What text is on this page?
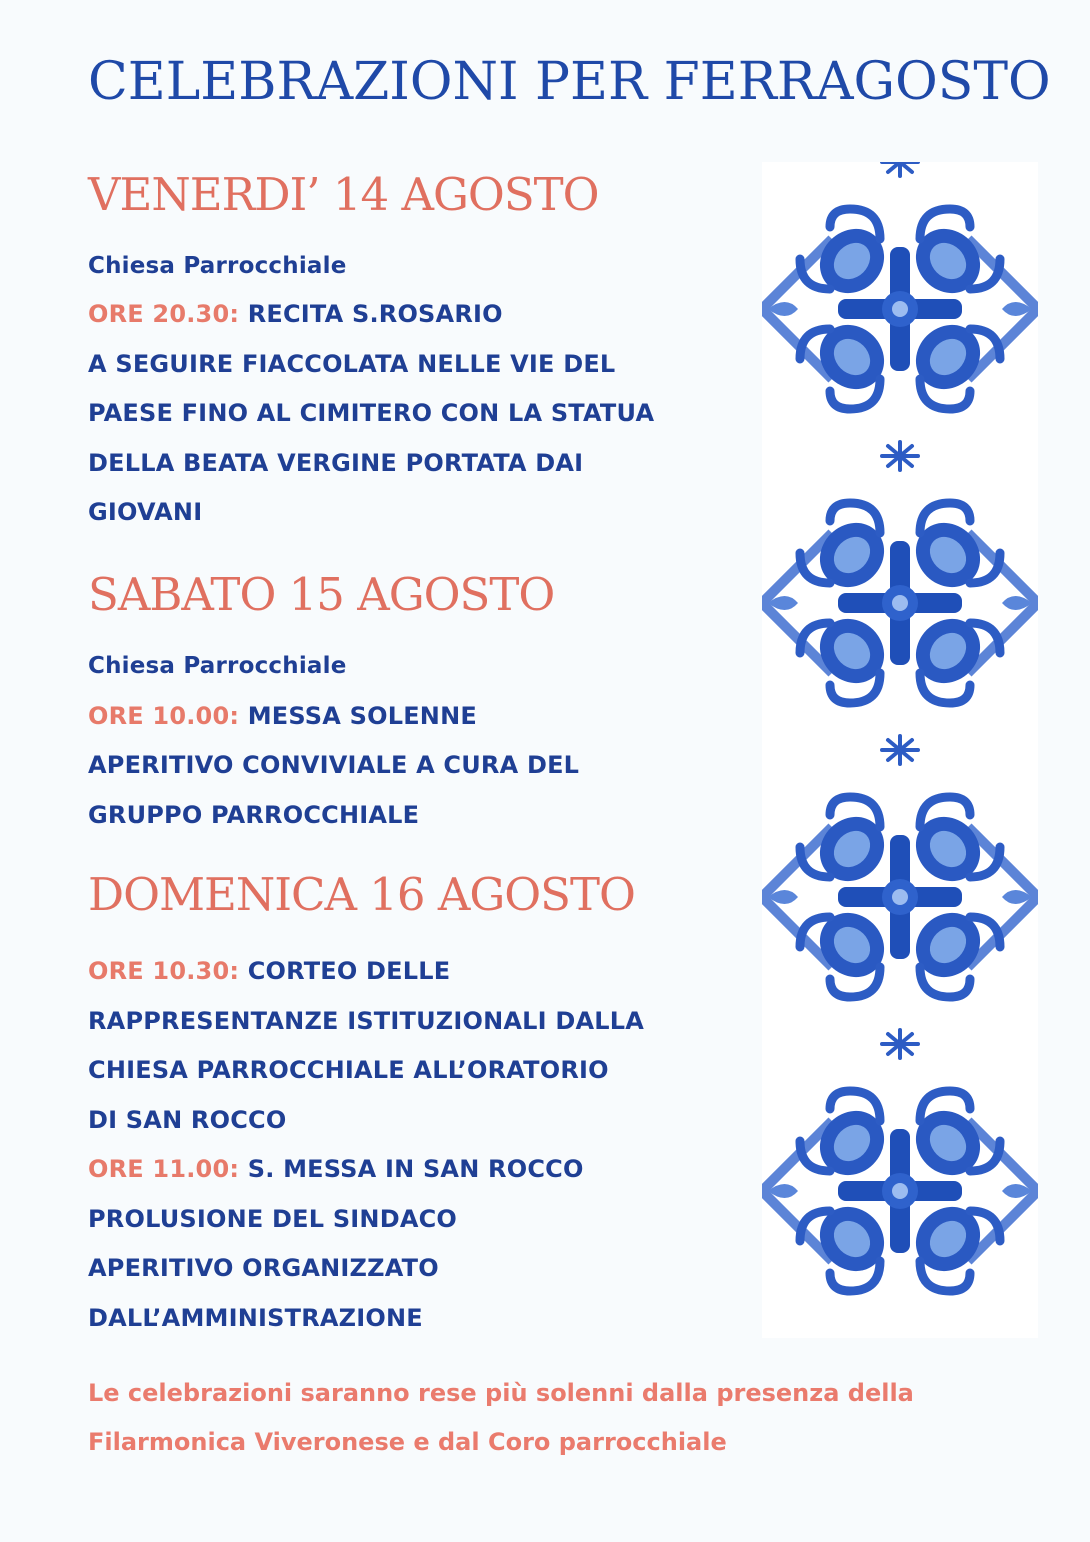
CELEBRAZIONI PER FERRAGOSTO
VENERDI’ 14 AGOSTO
Chiesa Parrocchiale
ORE 20.30: RECITA S.ROSARIO
A SEGUIRE FIACCOLATA NELLE VIE DEL
PAESE FINO AL CIMITERO CON LA STATUA
DELLA BEATA VERGINE PORTATA DAI
GIOVANI
SABATO 15 AGOSTO
Chiesa Parrocchiale
ORE 10.00: MESSA SOLENNE
APERITIVO CONVIVIALE A CURA DEL
GRUPPO PARROCCHIALE
DOMENICA 16 AGOSTO
ORE 10.30: CORTEO DELLE
RAPPRESENTANZE ISTITUZIONALI DALLA
CHIESA PARROCCHIALE ALL’ORATORIO
DI SAN ROCCO
ORE 11.00: S. MESSA IN SAN ROCCO
PROLUSIONE DEL SINDACO
APERITIVO ORGANIZZATO
DALL’AMMINISTRAZIONE
Le celebrazioni saranno rese più solenni dalla presenza della
Filarmonica Viveronese e dal Coro parrocchiale
